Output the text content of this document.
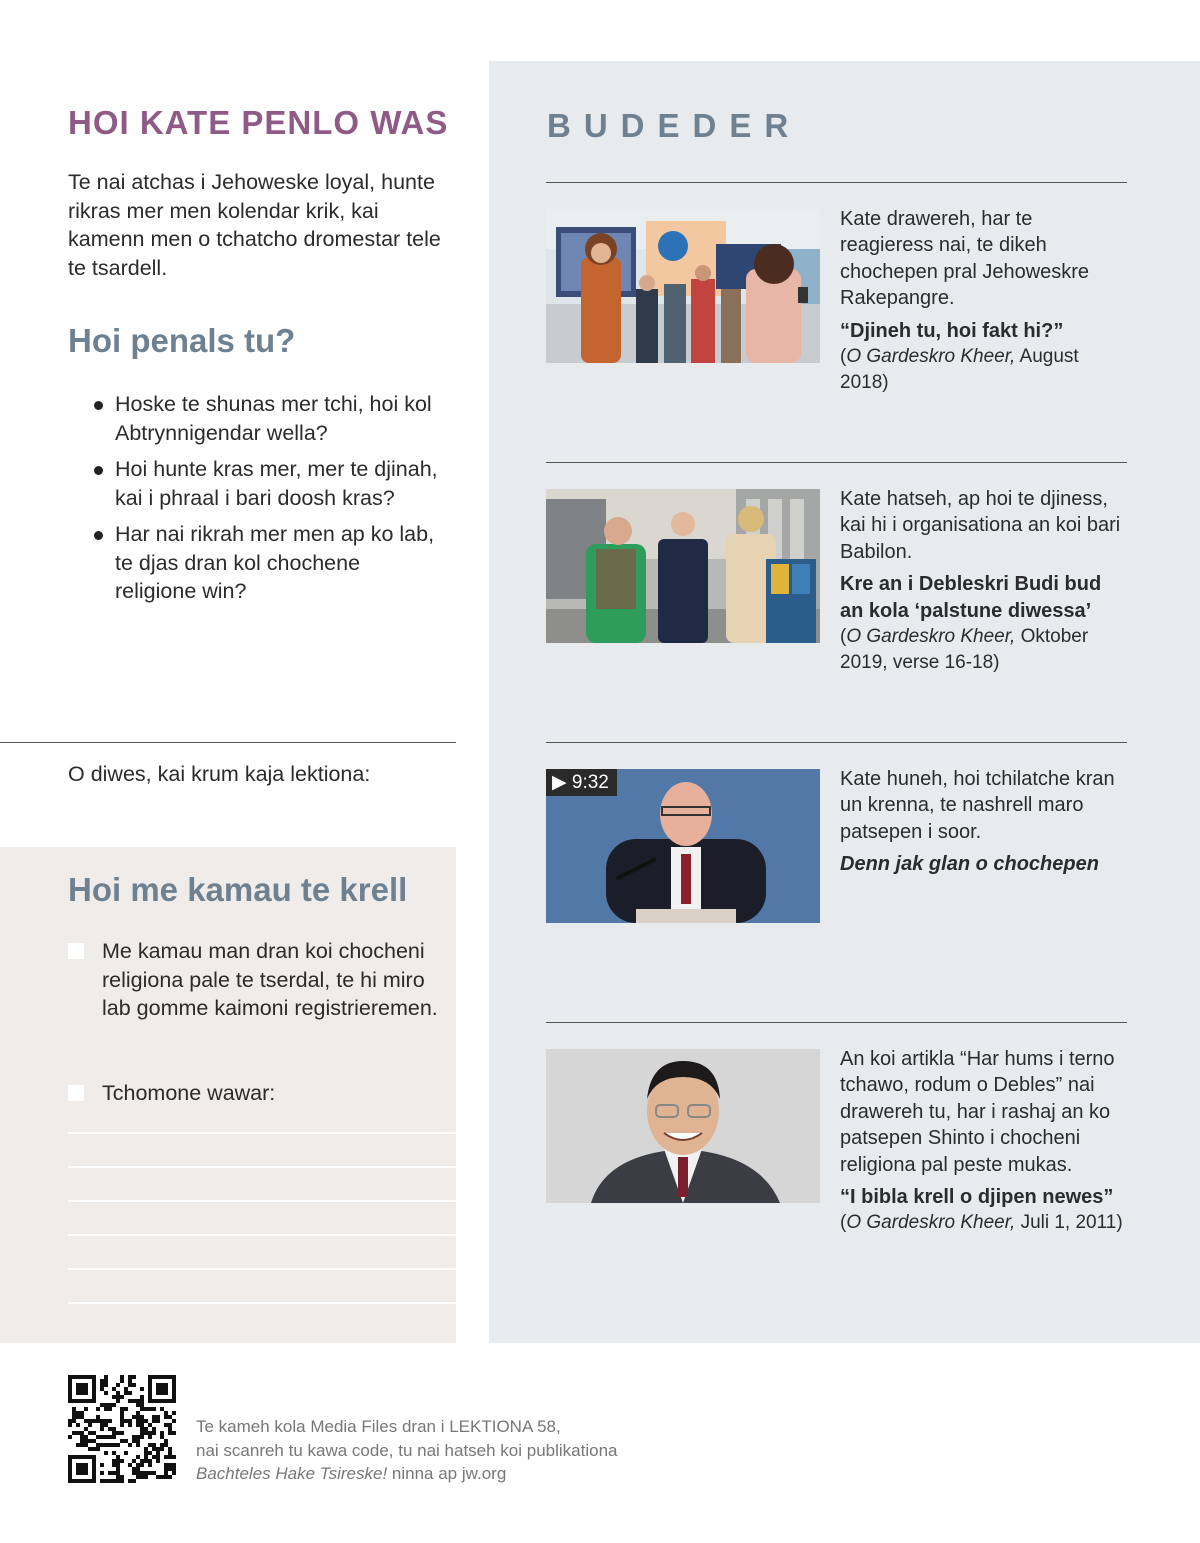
HOI KATE PENLO WAS

Te nai atchas i Jehoweske loyal, hunte rikras mer men kolendar krik, kai kamenn men o tchatcho dromestar tele te tsardell.

Hoi penals tu?
Hoske te shunas mer tchi, hoi kol Abtrynnigendar wella?
Hoi hunte kras mer, mer te djinah, kai i phraal i bari doosh kras?
Har nai rikrah mer men ap ko lab, te djas dran kol chochene religione win?

O diwes, kai krum kaja lektiona:

Hoi me kamau te krell
Me kamau man dran koi chocheni religiona pale te tserdal, te hi miro lab gomme kaimoni registrieremen.
Tchomone wawar:
BUDEDER

Kate drawereh, har te reagieress nai, te dikeh chochepen pral Jehoweskre Rakepangre.

“Djineh tu, hoi fakt hi?”

(O Gardeskro Kheer, August 2018)

Kate hatseh, ap hoi te djiness, kai hi i organisationa an koi bari Babilon.

Kre an i Debleskri Budi bud an kola ‘palstune diwessa’

(O Gardeskro Kheer, Oktober 2019, verse 16-18)

▶ 9:32	Kate huneh, hoi tchilatche kran un krenna, te nashrell maro patsepen i soor.

Denn jak glan o chochepen

An koi artikla “Har hums i terno tchawo, rodum o Debles” nai drawereh tu, har i rashaj an ko patsepen Shinto i chocheni religiona pal peste mukas.

“I bibla krell o djipen newes”

(O Gardeskro Kheer, Juli 1, 2011)

Te kameh kola Media Files dran i LEKTIONA 58,
nai scanreh tu kawa code, tu nai hatseh koi publikationa
Bachteles Hake Tsireske! ninna ap jw.org
